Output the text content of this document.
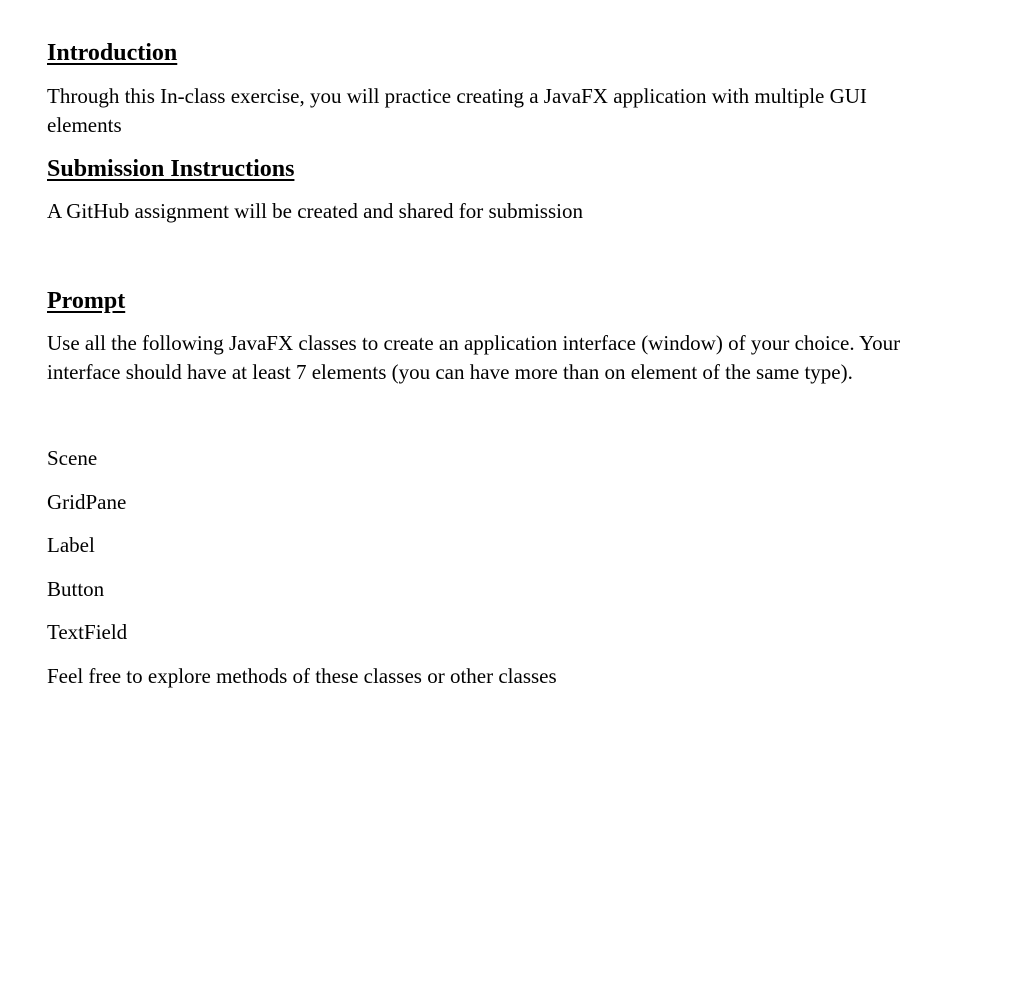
Introduction

Through this In-class exercise, you will practice creating a JavaFX application with multiple GUI elements

Submission Instructions

A GitHub assignment will be created and shared for submission

Prompt

Use all the following JavaFX classes to create an application interface (window) of your choice. Your interface should have at least 7 elements (you can have more than on element of the same type).

Scene
GridPane
Label
Button
TextField

Feel free to explore methods of these classes or other classes
